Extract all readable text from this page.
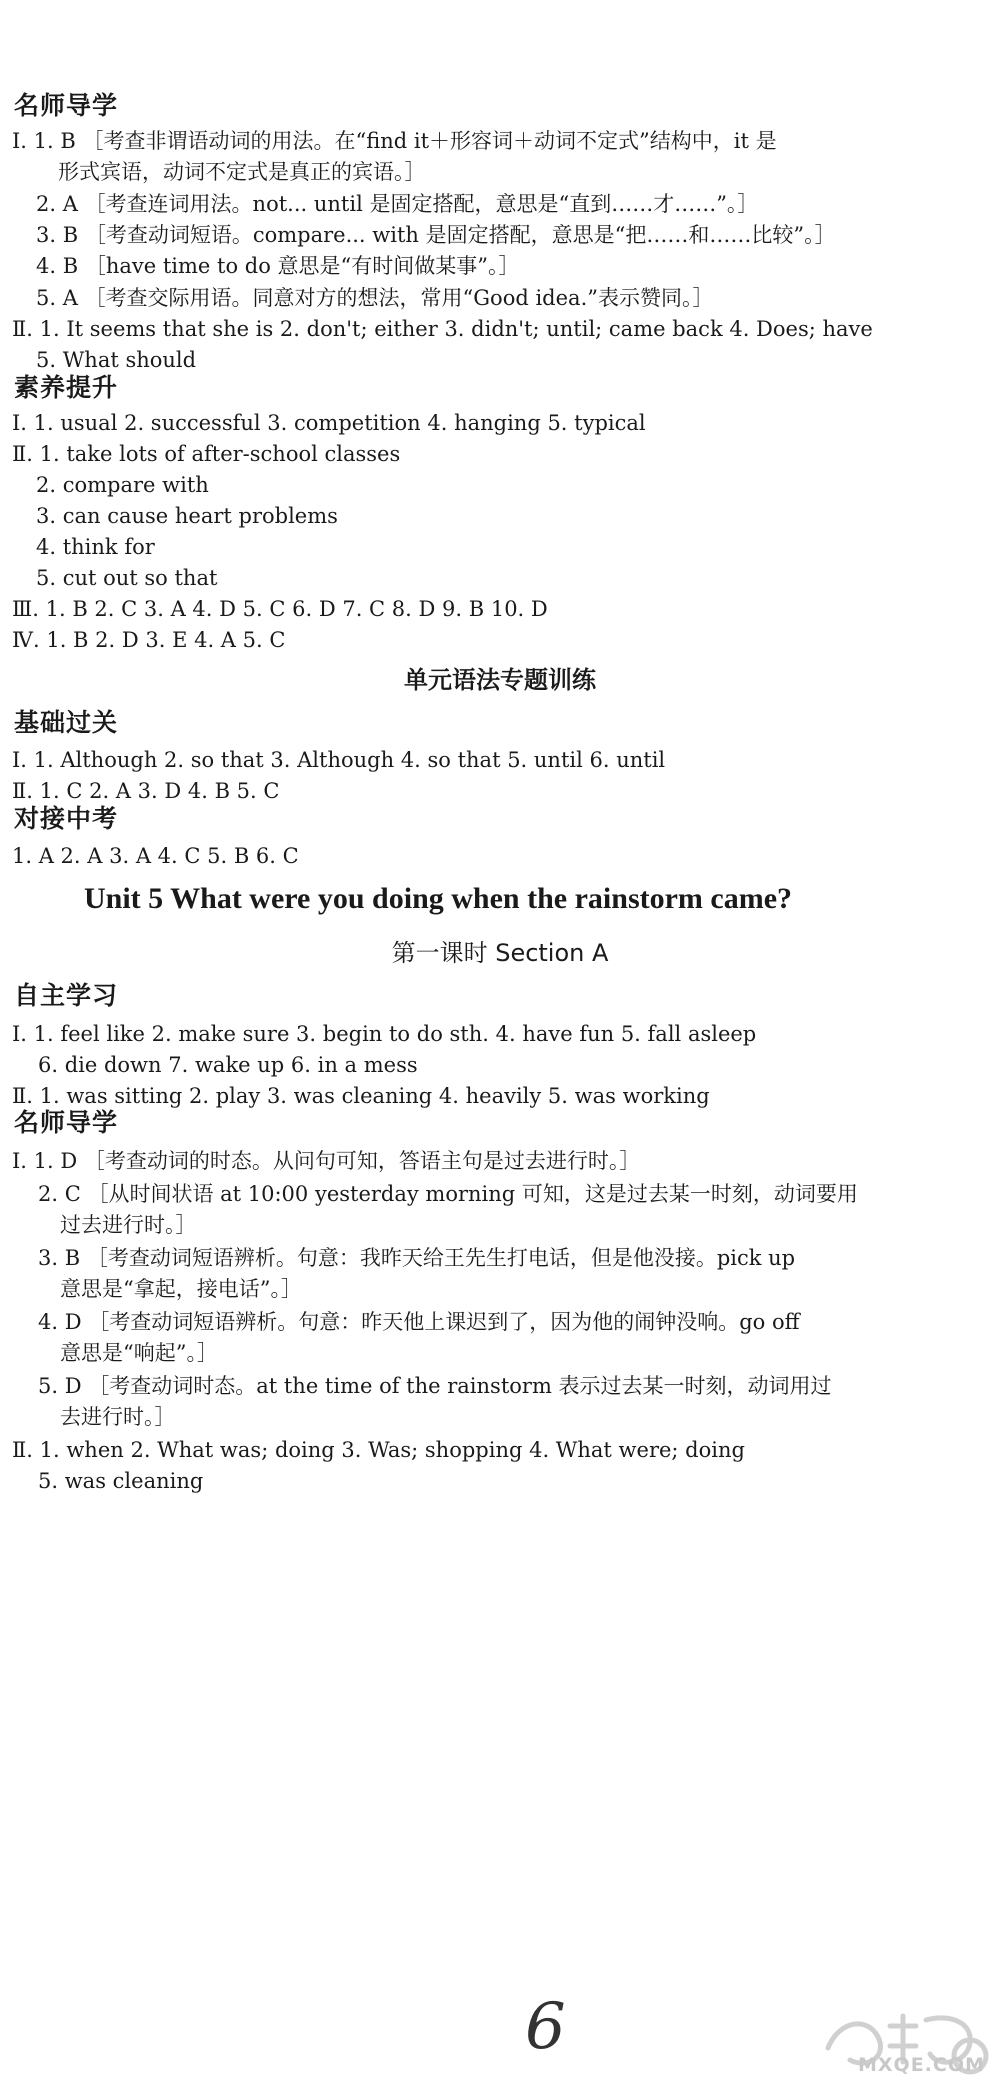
名师导学
Ⅰ. 1. B ［考查非谓语动词的用法。在“find it＋形容词＋动词不定式”结构中，it 是
形式宾语，动词不定式是真正的宾语。］
2. A ［考查连词用法。not... until 是固定搭配，意思是“直到……才……”。］
3. B ［考查动词短语。compare... with 是固定搭配，意思是“把……和……比较”。］
4. B ［have time to do 意思是“有时间做某事”。］
5. A ［考查交际用语。同意对方的想法，常用“Good idea.”表示赞同。］
Ⅱ. 1. It seems that she is 2. don't; either 3. didn't; until; came back 4. Does; have
5. What should
素养提升
Ⅰ. 1. usual 2. successful 3. competition 4. hanging 5. typical
Ⅱ. 1. take lots of after-school classes
2. compare with
3. can cause heart problems
4. think for
5. cut out so that
Ⅲ. 1. B 2. C 3. A 4. D 5. C 6. D 7. C 8. D 9. B 10. D
Ⅳ. 1. B 2. D 3. E 4. A 5. C
单元语法专题训练
基础过关
Ⅰ. 1. Although 2. so that 3. Although 4. so that 5. until 6. until
Ⅱ. 1. C 2. A 3. D 4. B 5. C
对接中考
1. A 2. A 3. A 4. C 5. B 6. C
Unit 5 What were you doing when the rainstorm came?
第一课时 Section A
自主学习
Ⅰ. 1. feel like 2. make sure 3. begin to do sth. 4. have fun 5. fall asleep
6. die down 7. wake up 6. in a mess
Ⅱ. 1. was sitting 2. play 3. was cleaning 4. heavily 5. was working
名师导学
Ⅰ. 1. D ［考查动词的时态。从问句可知，答语主句是过去进行时。］
2. C ［从时间状语 at 10:00 yesterday morning 可知，这是过去某一时刻，动词要用
过去进行时。］
3. B ［考查动词短语辨析。句意：我昨天给王先生打电话，但是他没接。pick up
意思是“拿起，接电话”。］
4. D ［考查动词短语辨析。句意：昨天他上课迟到了，因为他的闹钟没响。go off
意思是“响起”。］
5. D ［考查动词时态。at the time of the rainstorm 表示过去某一时刻，动词用过
去进行时。］
Ⅱ. 1. when 2. What was; doing 3. Was; shopping 4. What were; doing
5. was cleaning
6
MXQE.COM
